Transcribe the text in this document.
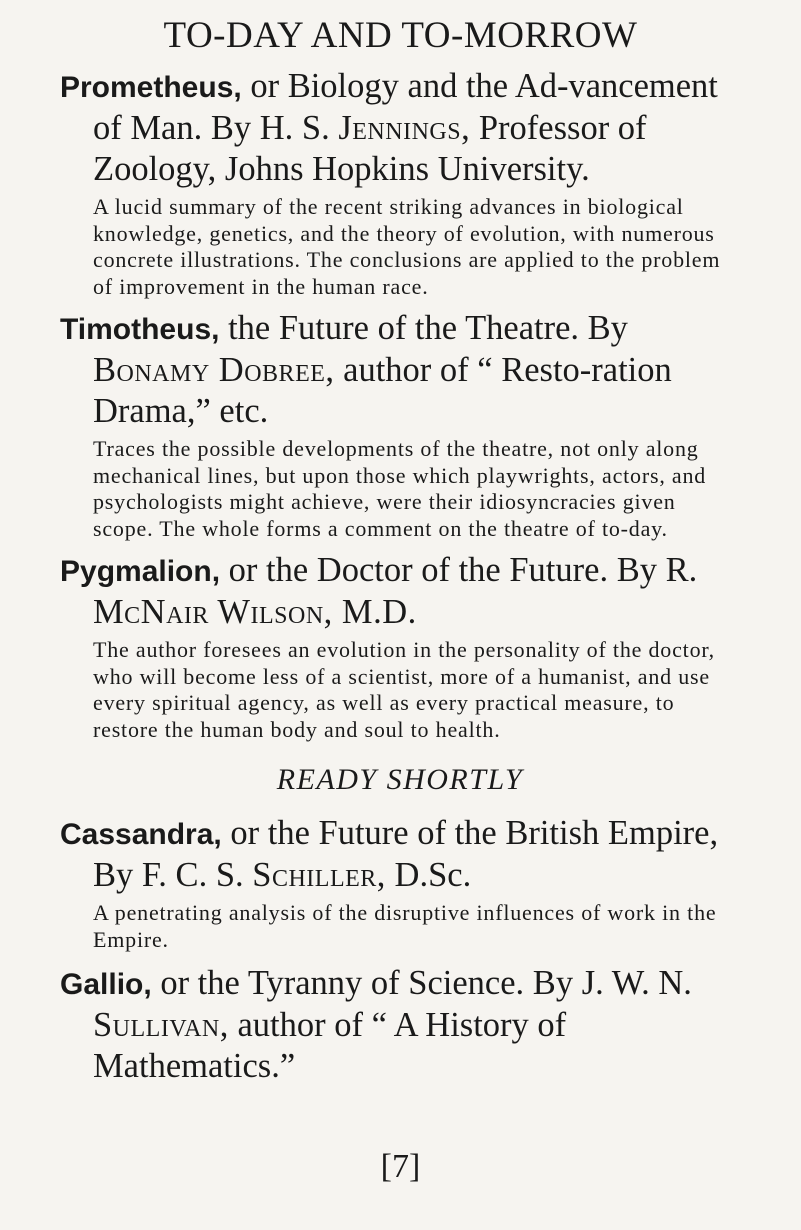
TO-DAY AND TO-MORROW

Prometheus, or Biology and the Ad-vancement of Man. By H. S. Jennings, Professor of Zoology, Johns Hopkins University.

A lucid summary of the recent striking advances in biological knowledge, genetics, and the theory of evolution, with numerous concrete illustrations. The conclusions are applied to the problem of improvement in the human race.

Timotheus, the Future of the Theatre. By Bonamy Dobree, author of “ Resto-ration Drama,” etc.

Traces the possible developments of the theatre, not only along mechanical lines, but upon those which playwrights, actors, and psychologists might achieve, were their idiosyncracies given scope. The whole forms a comment on the theatre of to-day.

Pygmalion, or the Doctor of the Future. By R. McNair Wilson, M.D.

The author foresees an evolution in the personality of the doctor, who will become less of a scientist, more of a humanist, and use every spiritual agency, as well as every practical measure, to restore the human body and soul to health.

READY SHORTLY

Cassandra, or the Future of the British Empire, By F. C. S. Schiller, D.Sc.

A penetrating analysis of the disruptive influences of work in the Empire.

Gallio, or the Tyranny of Science. By J. W. N. Sullivan, author of “ A History of Mathematics.”

[7]
